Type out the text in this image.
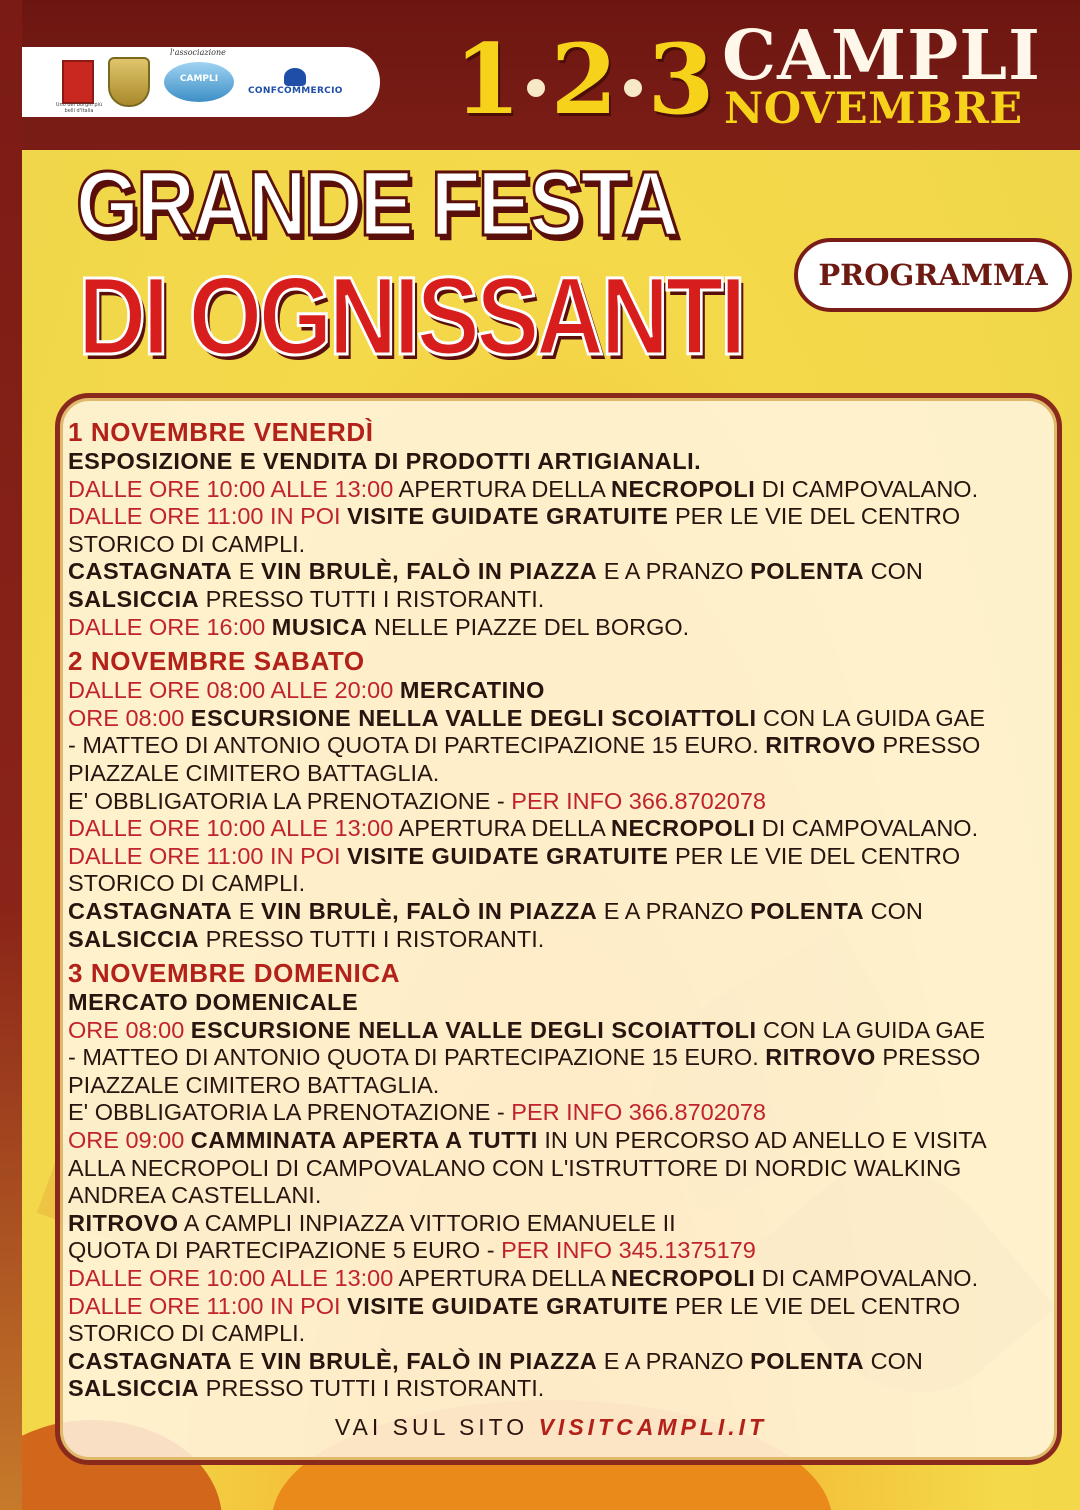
Uno dei Borghi più belli d'Italia
l'associazione
CAMPLI
CONFCOMMERCIO 1 2 3 CAMPLI
NOVEMBRE
GRANDE FESTA
DI OGNISSANTI	PROGRAMMA
VAI SUL SITO VISITCAMPLI.IT
1 NOVEMBRE VENERDÌ
ESPOSIZIONE E VENDITA DI PRODOTTI ARTIGIANALI.
DALLE ORE 10:00 ALLE 13:00 APERTURA DELLA NECROPOLI DI CAMPOVALANO.
DALLE ORE 11:00 IN POI VISITE GUIDATE GRATUITE PER LE VIE DEL CENTRO
STORICO DI CAMPLI.
CASTAGNATA E VIN BRULÈ, FALÒ IN PIAZZA E A PRANZO POLENTA CON
SALSICCIA PRESSO TUTTI I RISTORANTI.
DALLE ORE 16:00 MUSICA NELLE PIAZZE DEL BORGO.
2 NOVEMBRE SABATO
DALLE ORE 08:00 ALLE 20:00 MERCATINO
ORE 08:00 ESCURSIONE NELLA VALLE DEGLI SCOIATTOLI CON LA GUIDA GAE
- MATTEO DI ANTONIO QUOTA DI PARTECIPAZIONE 15 EURO. RITROVO PRESSO
PIAZZALE CIMITERO BATTAGLIA.
E' OBBLIGATORIA LA PRENOTAZIONE - PER INFO 366.8702078
DALLE ORE 10:00 ALLE 13:00 APERTURA DELLA NECROPOLI DI CAMPOVALANO.
DALLE ORE 11:00 IN POI VISITE GUIDATE GRATUITE PER LE VIE DEL CENTRO
STORICO DI CAMPLI.
CASTAGNATA E VIN BRULÈ, FALÒ IN PIAZZA E A PRANZO POLENTA CON
SALSICCIA PRESSO TUTTI I RISTORANTI.
3 NOVEMBRE DOMENICA
MERCATO DOMENICALE
ORE 08:00 ESCURSIONE NELLA VALLE DEGLI SCOIATTOLI CON LA GUIDA GAE
- MATTEO DI ANTONIO QUOTA DI PARTECIPAZIONE 15 EURO. RITROVO PRESSO
PIAZZALE CIMITERO BATTAGLIA.
E' OBBLIGATORIA LA PRENOTAZIONE - PER INFO 366.8702078
ORE 09:00 CAMMINATA APERTA A TUTTI IN UN PERCORSO AD ANELLO E VISITA
ALLA NECROPOLI DI CAMPOVALANO CON L'ISTRUTTORE DI NORDIC WALKING
ANDREA CASTELLANI.
RITROVO A CAMPLI INPIAZZA VITTORIO EMANUELE II
QUOTA DI PARTECIPAZIONE 5 EURO - PER INFO 345.1375179
DALLE ORE 10:00 ALLE 13:00 APERTURA DELLA NECROPOLI DI CAMPOVALANO.
DALLE ORE 11:00 IN POI VISITE GUIDATE GRATUITE PER LE VIE DEL CENTRO
STORICO DI CAMPLI.
CASTAGNATA E VIN BRULÈ, FALÒ IN PIAZZA E A PRANZO POLENTA CON
SALSICCIA PRESSO TUTTI I RISTORANTI.
